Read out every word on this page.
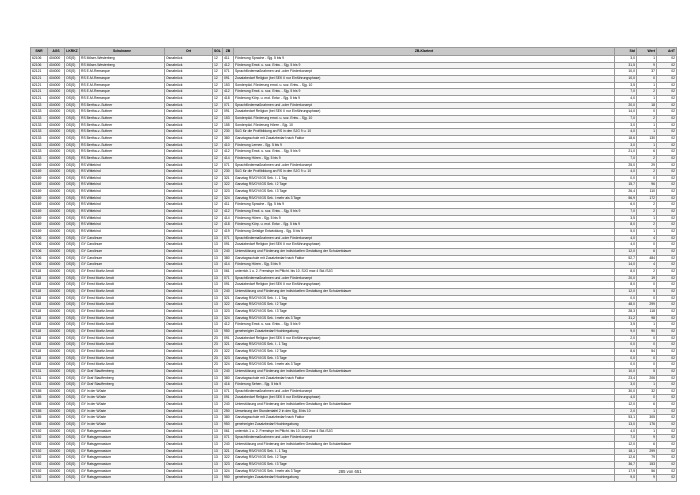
SNR	AGS	LKRKZ	Schulname	Ort	SGL	ZB	ZB-Klartext	Std	Wert	ArtT
62106	404000	OS(S)	RS Möser-Westerberg	Osnabrück	12	411	Förderung Sprache - Sjg. 5 bis 9	3,0	1	02
62106	404000	OS(S)	RS Möser-Westerberg	Osnabrück	12	412	Förderung Emot. u. soz. Entw. - Sjg. 5 bis 9	31,5	9	02
62121	404000	OS(S)	RS E-M-Remarque	Osnabrück	12	071	Sprachfördermaßnahmen und -oder Förderkonzept	10,0	37	02
62121	404000	OS(S)	RS E-M-Remarque	Osnabrück	12	091	Zusatzbedarf Religion (bei SEK II nur Einführungsphase)	10,0	0	02
62121	404000	OS(S)	RS E-M-Remarque	Osnabrück	12	153	Sonderpäd. Förderung emot. u. soz. Entw. - Sjg. 10	3,5	1	02
62121	404000	OS(S)	RS E-M-Remarque	Osnabrück	12	412	Förderung Emot. u. soz. Entw. - Sjg. 5 bis 9	7,0	2	02
62121	404000	OS(S)	RS E-M-Remarque	Osnabrück	12	418	Förderung Körp. u. mot. Entw. - Sjg. 5 bis 9	4,0	1	02
62133	404000	OS(S)	RS Bertha-v.-Suttner	Osnabrück	12	071	Sprachfördermaßnahmen und -oder Förderkonzept	20,0	18	02
62133	404000	OS(S)	RS Bertha-v.-Suttner	Osnabrück	12	091	Zusatzbedarf Religion (bei SEK II nur Einführungsphase)	14,0	0	02
62133	404000	OS(S)	RS Bertha-v.-Suttner	Osnabrück	12	153	Sonderpäd. Förderung emot. u. soz. Entw. - Sjg. 10	7,0	2	02
62133	404000	OS(S)	RS Bertha-v.-Suttner	Osnabrück	12	155	Sonderpäd. Förderung Hören - Sjg. 10	3,0	1	02
62133	404000	OS(S)	RS Bertha-v.-Suttner	Osnabrück	12	230	SüG für die Profilbildung an RS in den SJG 9 u. 10	4,0	1	02
62133	404000	OS(S)	RS Bertha-v.-Suttner	Osnabrück	12	380	Ganztagsschule mit Zusatzbedarf nach Faktor	18,6	130	02
62133	404000	OS(S)	RS Bertha-v.-Suttner	Osnabrück	12	410	Förderung Lernen - Sjg. 5 bis 9	3,0	1	02
62133	404000	OS(S)	RS Bertha-v.-Suttner	Osnabrück	12	412	Förderung Emot. u. soz. Entw. - Sjg. 5 bis 9	21,0	6	02
62133	404000	OS(S)	RS Bertha-v.-Suttner	Osnabrück	12	414	Förderung Hören - Sjg. 5 bis 9	7,0	2	02
62169	404000	OS(S)	RS Wittekind	Osnabrück	12	071	Sprachfördermaßnahmen und -oder Förderkonzept	25,0	29	02
62169	404000	OS(S)	RS Wittekind	Osnabrück	12	230	SüG für die Profilbildung an RS in den SJG 9 u. 10	4,0	2	02
62169	404000	OS(S)	RS Wittekind	Osnabrück	12	321	Ganztag RS/GY/IGS Sek. I - 1 Tag	0,0	0	02
62169	404000	OS(S)	RS Wittekind	Osnabrück	12	322	Ganztag RS/GY/IGS Sek. I 2 Tage	15,7	96	02
62169	404000	OS(S)	RS Wittekind	Osnabrück	12	323	Ganztag RS/GY/IGS Sek. I 3 Tage	26,4	110	02
62169	404000	OS(S)	RS Wittekind	Osnabrück	12	324	Ganztag RS/GY/IGS Sek. I mehr als 3 Tage	56,9	172	02
62169	404000	OS(S)	RS Wittekind	Osnabrück	12	411	Förderung Sprache - Sjg. 5 bis 9	6,0	2	02
62169	404000	OS(S)	RS Wittekind	Osnabrück	12	412	Förderung Emot. u. soz. Entw. - Sjg. 5 bis 9	7,0	2	02
62169	404000	OS(S)	RS Wittekind	Osnabrück	12	414	Förderung Hören - Sjg. 5 bis 9	3,5	1	02
62169	404000	OS(S)	RS Wittekind	Osnabrück	12	418	Förderung Körp. u. mot. Entw. - Sjg. 5 bis 9	8,0	2	02
62169	404000	OS(S)	RS Wittekind	Osnabrück	12	419	Förderung Geistige Entwicklung - Sjg. 5 bis 9	5,0	1	02
67106	404000	OS(S)	GY Carolinum	Osnabrück	13	071	Sprachfördermaßnahmen und -oder Förderkonzept	4,0	4	02
67106	404000	OS(S)	GY Carolinum	Osnabrück	13	091	Zusatzbedarf Religion (bei SEK II nur Einführungsphase)	4,0	0	02
67106	404000	OS(S)	GY Carolinum	Osnabrück	13	240	Unterstützung und Förderung der individuellen Gestaltung der Schulzeitdauer	12,0	6	02
67106	404000	OS(S)	GY Carolinum	Osnabrück	13	380	Ganztagsschule mit Zusatzbedarf nach Faktor	52,7	484	02
67106	404000	OS(S)	GY Carolinum	Osnabrück	13	414	Förderung Hören - Sjg. 5 bis 9	14,0	4	02
67118	404000	OS(S)	GY Ernst Moritz Arndt	Osnabrück	13	061	unterrich.1 u. 2. Fremdspr im Pflicht. bis 10. SJG max 4 Std./SJG	8,0	2	02
67118	404000	OS(S)	GY Ernst Moritz Arndt	Osnabrück	13	071	Sprachfördermaßnahmen und -oder Förderkonzept	20,0	19	02
67118	404000	OS(S)	GY Ernst Moritz Arndt	Osnabrück	13	091	Zusatzbedarf Religion (bei SEK II nur Einführungsphase)	8,0	0	02
67118	404000	OS(S)	GY Ernst Moritz Arndt	Osnabrück	13	240	Unterstützung und Förderung der individuellen Gestaltung der Schulzeitdauer	12,0	5	02
67118	404000	OS(S)	GY Ernst Moritz Arndt	Osnabrück	13	321	Ganztag RS/GY/IGS Sek. I - 1 Tag	0,0	0	02
67118	404000	OS(S)	GY Ernst Moritz Arndt	Osnabrück	13	322	Ganztag RS/GY/IGS Sek. I 2 Tage	48,0	299	02
67118	404000	OS(S)	GY Ernst Moritz Arndt	Osnabrück	13	323	Ganztag RS/GY/IGS Sek. I 3 Tage	28,3	118	02
67118	404000	OS(S)	GY Ernst Moritz Arndt	Osnabrück	13	324	Ganztag RS/GY/IGS Sek. I mehr als 3 Tage	31,2	98	02
67118	404000	OS(S)	GY Ernst Moritz Arndt	Osnabrück	13	412	Förderung Emot. u. soz. Entw. - Sjg. 5 bis 9	3,5	1	02
67118	404000	OS(S)	GY Ernst Moritz Arndt	Osnabrück	13	950	genehmigter Zusatzbedarf Hochbegabung	9,0	90	02
67118	404000	OS(S)	GY Ernst Moritz Arndt	Osnabrück	23	091	Zusatzbedarf Religion (bei SEK II nur Einführungsphase)	2,0	0	02
67118	404000	OS(S)	GY Ernst Moritz Arndt	Osnabrück	23	321	Ganztag RS/GY/IGS Sek. I - 1 Tag	0,0	0	02
67118	404000	OS(S)	GY Ernst Moritz Arndt	Osnabrück	23	322	Ganztag RS/GY/IGS Sek. I 2 Tage	8,6	54	02
67118	404000	OS(S)	GY Ernst Moritz Arndt	Osnabrück	23	323	Ganztag RS/GY/IGS Sek. I 3 Tage	0,0	0	02
67118	404000	OS(S)	GY Ernst Moritz Arndt	Osnabrück	23	324	Ganztag RS/GY/IGS Sek. I mehr als 3 Tage	0,0	0	02
67131	404000	OS(S)	GY Graf Stauffenberg	Osnabrück	13	240	Unterstützung und Förderung der individuellen Gestaltung der Schulzeitdauer	10,0	5	02
67131	404000	OS(S)	GY Graf Stauffenberg	Osnabrück	13	380	Ganztagsschule mit Zusatzbedarf nach Faktor	23,4	206	02
67131	404000	OS(S)	GY Graf Stauffenberg	Osnabrück	13	416	Förderung Sehen - Sjg. 5 bis 9	3,0	1	02
67155	404000	OS(S)	GY In der Wüste	Osnabrück	13	071	Sprachfördermaßnahmen und -oder Förderkonzept	30,0	32	02
67155	404000	OS(S)	GY In der Wüste	Osnabrück	13	091	Zusatzbedarf Religion (bei SEK II nur Einführungsphase)	4,0	0	02
67155	404000	OS(S)	GY In der Wüste	Osnabrück	13	240	Unterstützung und Förderung der individuellen Gestaltung der Schulzeitdauer	12,0	6	02
67155	404000	OS(S)	GY In der Wüste	Osnabrück	13	250	Umsetzung der Stundentafel 2 in den Sjg. 8 bis 10	2,0	1	02
67155	404000	OS(S)	GY In der Wüste	Osnabrück	13	380	Ganztagsschule mit Zusatzbedarf nach Faktor	53,1	305	02
67155	404000	OS(S)	GY In der Wüste	Osnabrück	13	950	genehmigter Zusatzbedarf Hochbegabung	13,0	176	02
67192	404000	OS(S)	GY Ratsgymnasium	Osnabrück	13	061	unterrich.1 u. 2. Fremdspr im Pflicht. bis 10. SJG max 4 Std./SJG	4,0	1	02
67192	404000	OS(S)	GY Ratsgymnasium	Osnabrück	13	071	Sprachfördermaßnahmen und -oder Förderkonzept	7,0	9	02
67192	404000	OS(S)	GY Ratsgymnasium	Osnabrück	13	240	Unterstützung und Förderung der individuellen Gestaltung der Schulzeitdauer	12,0	6	02
67192	404000	OS(S)	GY Ratsgymnasium	Osnabrück	13	321	Ganztag RS/GY/IGS Sek. I - 1 Tag	18,1	299	02
67192	404000	OS(S)	GY Ratsgymnasium	Osnabrück	13	322	Ganztag RS/GY/IGS Sek. I 2 Tage	12,6	79	02
67192	404000	OS(S)	GY Ratsgymnasium	Osnabrück	13	323	Ganztag RS/GY/IGS Sek. I 3 Tage	36,7	153	02
67192	404000	OS(S)	GY Ratsgymnasium	Osnabrück	13	324	Ganztag RS/GY/IGS Sek. I mehr als 3 Tage	17,9	56	02
67192	404000	OS(S)	GY Ratsgymnasium	Osnabrück	13	950	genehmigter Zusatzbedarf Hochbegabung	9,0	9	02
285 von 651
